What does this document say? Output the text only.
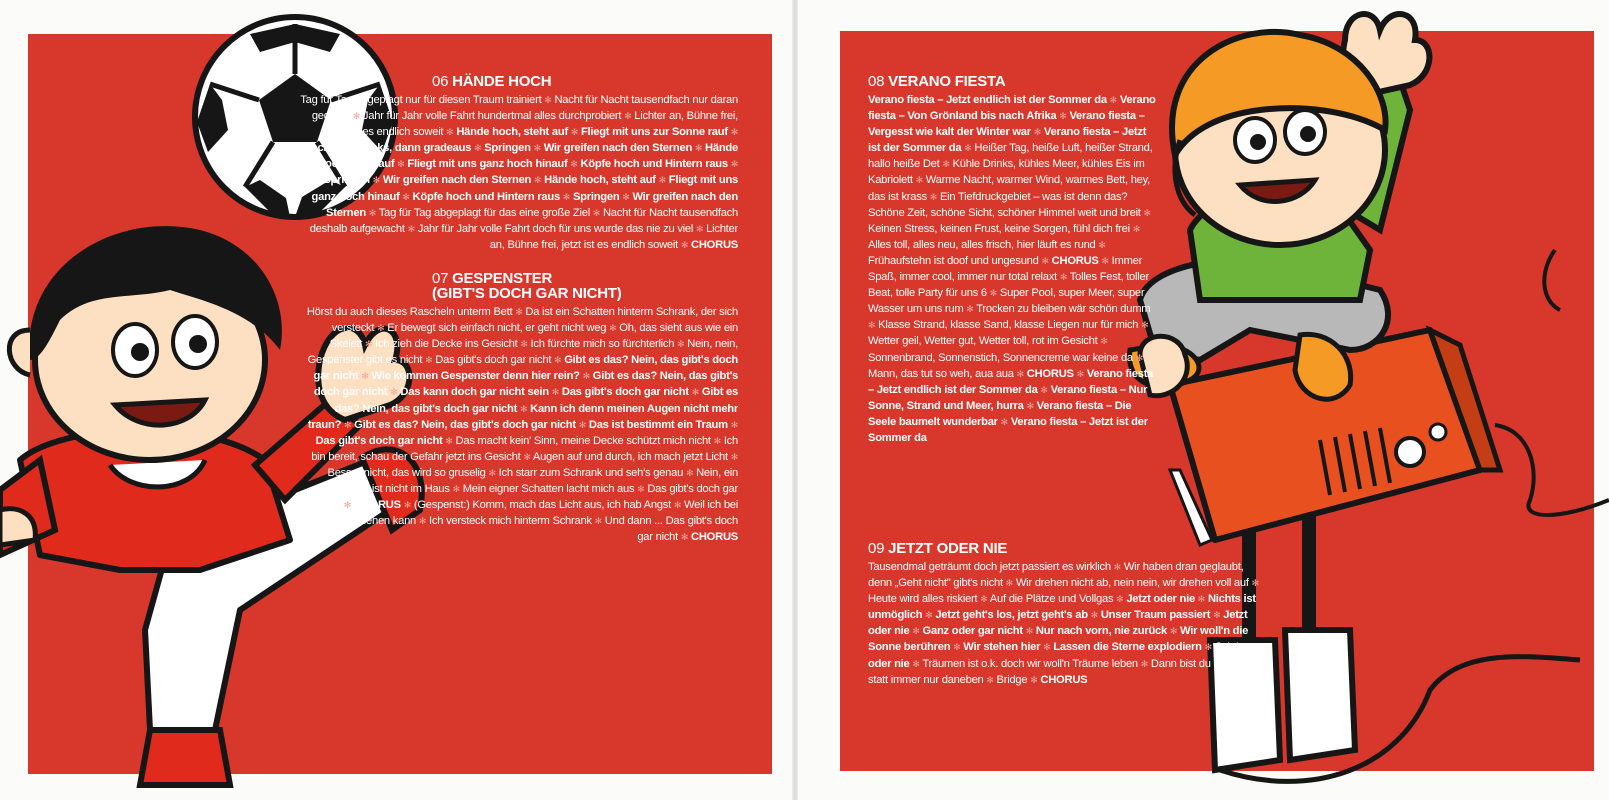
06 HÄNDE HOCH

Tag für Tag abgeplagt nur für diesen Traum trainiert ✻ Nacht für Nacht tausendfach nur daran gedacht ✻ Jahr für Jahr volle Fahrt hundertmal alles durchprobiert ✻ Lichter an, Bühne frei, jetzt ist es endlich soweit ✻ Hände hoch, steht auf ✻ Fliegt mit uns zur Sonne rauf ✻ Rechts und links, dann gradeaus ✻ Springen ✻ Wir greifen nach den Sternen ✻ Hände hoch, steht auf ✻ Fliegt mit uns ganz hoch hinauf ✻ Köpfe hoch und Hintern raus ✻ Springen ✻ Wir greifen nach den Sternen ✻ Hände hoch, steht auf ✻ Fliegt mit uns ganz hoch hinauf ✻ Köpfe hoch und Hintern raus ✻ Springen ✻ Wir greifen nach den Sternen ✻ Tag für Tag abgeplagt für das eine große Ziel ✻ Nacht für Nacht tausendfach deshalb aufgewacht ✻ Jahr für Jahr volle Fahrt doch für uns wurde das nie zu viel ✻ Lichter an, Bühne frei, jetzt ist es endlich soweit ✻ CHORUS

07 GESPENSTER
(GIBT'S DOCH GAR NICHT)

Hörst du auch dieses Rascheln unterm Bett ✻ Da ist ein Schatten hinterm Schrank, der sich versteckt ✻ Er bewegt sich einfach nicht, er geht nicht weg ✻ Oh, das sieht aus wie ein Skelett ✻ Ich zieh die Decke ins Gesicht ✻ Ich fürchte mich so fürchterlich ✻ Nein, nein, Gespenster gibt es nicht ✻ Das gibt's doch gar nicht ✻ Gibt es das? Nein, das gibt's doch gar nicht ✻ Wie kommen Gespenster denn hier rein? ✻ Gibt es das? Nein, das gibt's doch gar nicht ✻ Das kann doch gar nicht sein ✻ Das gibt's doch gar nicht ✻ Gibt es das? Nein, das gibt's doch gar nicht ✻ Kann ich denn meinen Augen nicht mehr traun? ✻ Gibt es das? Nein, das gibt's doch gar nicht ✻ Das ist bestimmt ein Traum ✻ Das gibt's doch gar nicht ✻ Das macht kein' Sinn, meine Decke schützt mich nicht ✻ Ich bin bereit, schau der Gefahr jetzt ins Gesicht ✻ Augen auf und durch, ich mach jetzt Licht ✻ Besser nicht, das wird so gruselig ✻ Ich starr zum Schrank und seh's genau ✻ Nein, ein Gespenst ist nicht im Haus ✻ Mein eigner Schatten lacht mich aus ✻ Das gibt's doch gar nicht ✻ CHORUS ✻ (Gespenst:) Komm, mach das Licht aus, ich hab Angst ✻ Weil ich bei Licht nichts sehen kann ✻ Ich versteck mich hinterm Schrank ✻ Und dann ... Das gibt's doch gar nicht ✻ CHORUS

08 VERANO FIESTA

Verano fiesta – Jetzt endlich ist der Sommer da ✻ Verano fiesta – Von Grönland bis nach Afrika ✻ Verano fiesta – Vergesst wie kalt der Winter war ✻ Verano fiesta – Jetzt ist der Sommer da ✻ Heißer Tag, heiße Luft, heißer Strand, hallo heiße Det ✻ Kühle Drinks, kühles Meer, kühles Eis im Kabriolett ✻ Warme Nacht, warmer Wind, warmes Bett, hey, das ist krass ✻ Ein Tiefdruckgebiet – was ist denn das? Schöne Zeit, schöne Sicht, schöner Himmel weit und breit ✻ Keinen Stress, keinen Frust, keine Sorgen, fühl dich frei ✻ Alles toll, alles neu, alles frisch, hier läuft es rund ✻ Frühaufstehn ist doof und ungesund ✻ CHORUS ✻ Immer Spaß, immer cool, immer nur total relaxt ✻ Tolles Fest, toller Beat, tolle Party für uns 6 ✻ Super Pool, super Meer, super Wasser um uns rum ✻ Trocken zu bleiben wär schön dumm ✻ Klasse Strand, klasse Sand, klasse Liegen nur für mich ✻ Wetter geil, Wetter gut, Wetter toll, rot im Gesicht ✻ Sonnenbrand, Sonnenstich, Sonnencreme war keine da ✻ Mann, das tut so weh, aua aua ✻ CHORUS ✻ Verano fiesta – Jetzt endlich ist der Sommer da ✻ Verano fiesta – Nur Sonne, Strand und Meer, hurra ✻ Verano fiesta – Die Seele baumelt wunderbar ✻ Verano fiesta – Jetzt ist der Sommer da

09 JETZT ODER NIE

Tausendmal geträumt doch jetzt passiert es wirklich ✻ Wir haben dran geglaubt, denn „Geht nicht" gibt's nicht ✻ Wir drehen nicht ab, nein nein, wir drehen voll auf ✻ Heute wird alles riskiert ✻ Auf die Plätze und Vollgas ✻ Jetzt oder nie ✻ Nichts ist unmöglich ✻ Jetzt geht's los, jetzt geht's ab ✻ Unser Traum passiert ✻ Jetzt oder nie ✻ Ganz oder gar nicht ✻ Nur nach vorn, nie zurück ✻ Wir woll'n die Sonne berühren ✻ Wir stehen hier ✻ Lassen die Sterne explodiern ✻ Jetzt oder nie ✻ Träumen ist o.k. doch wir woll'n Träume leben ✻ Dann bist du mittendrin statt immer nur daneben ✻ Bridge ✻ CHORUS
